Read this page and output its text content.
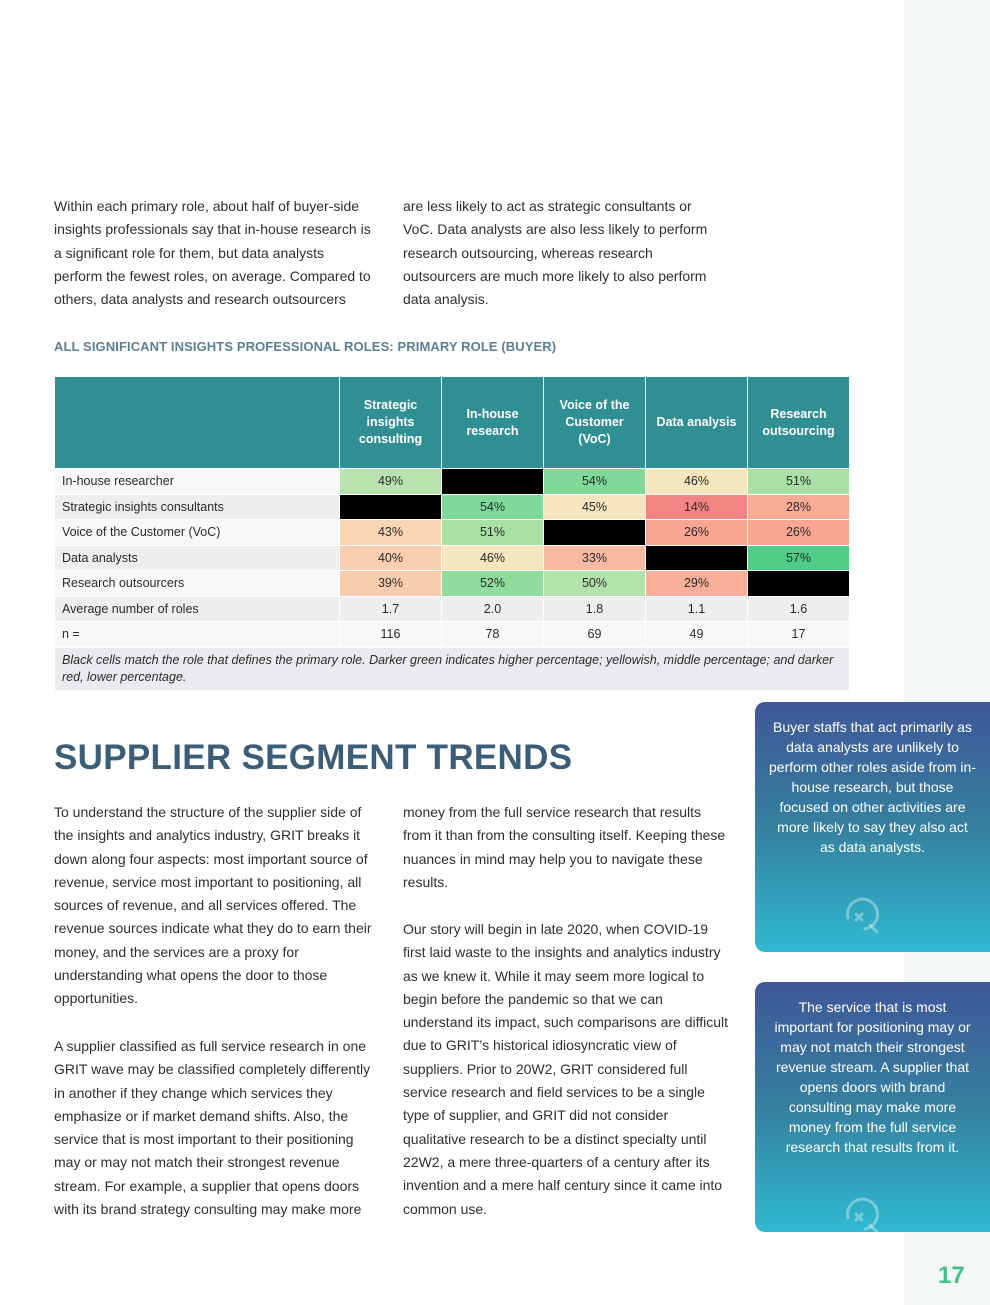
Within each primary role, about half of buyer-side insights professionals say that in-house research is a significant role for them, but data analysts perform the fewest roles, on average. Compared to others, data analysts and research outsourcers

are less likely to act as strategic consultants or VoC. Data analysts are also less likely to perform research outsourcing, whereas research outsourcers are much more likely to also perform data analysis.

ALL SIGNIFICANT INSIGHTS PROFESSIONAL ROLES: PRIMARY ROLE (BUYER)
	Strategic insights consulting	In-house research	Voice of the Customer (VoC)	Data analysis	Research outsourcing
In-house researcher	49%		54%	46%	51%
Strategic insights consultants		54%	45%	14%	28%
Voice of the Customer (VoC)	43%	51%		26%	26%
Data analysts	40%	46%	33%		57%
Research outsourcers	39%	52%	50%	29%	
Average number of roles	1.7	2.0	1.8	1.1	1.6
n =	116	78	69	49	17
Black cells match the role that defines the primary role. Darker green indicates higher percentage; yellowish, middle percentage; and darker red, lower percentage.					
SUPPLIER SEGMENT TRENDS

To understand the structure of the supplier side of the insights and analytics industry, GRIT breaks it down along four aspects: most important source of revenue, service most important to positioning, all sources of revenue, and all services offered. The revenue sources indicate what they do to earn their money, and the services are a proxy for understanding what opens the door to those opportunities.

A supplier classified as full service research in one GRIT wave may be classified completely differently in another if they change which services they emphasize or if market demand shifts. Also, the service that is most important to their positioning may or may not match their strongest revenue stream. For example, a supplier that opens doors with its brand strategy consulting may make more

money from the full service research that results from it than from the consulting itself. Keeping these nuances in mind may help you to navigate these results.

Our story will begin in late 2020, when COVID-19 first laid waste to the insights and analytics industry as we knew it. While it may seem more logical to begin before the pandemic so that we can understand its impact, such comparisons are difficult due to GRIT’s historical idiosyncratic view of suppliers. Prior to 20W2, GRIT considered full service research and field services to be a single type of supplier, and GRIT did not consider qualitative research to be a distinct specialty until 22W2, a mere three-quarters of a century after its invention and a mere half century since it came into common use.

Buyer staffs that act primarily as data analysts are unlikely to perform other roles aside from in-house research, but those focused on other activities are more likely to say they also act as data analysts.
The service that is most important for positioning may or may not match their strongest revenue stream. A supplier that opens doors with brand consulting may make more money from the full service research that results from it.
17
